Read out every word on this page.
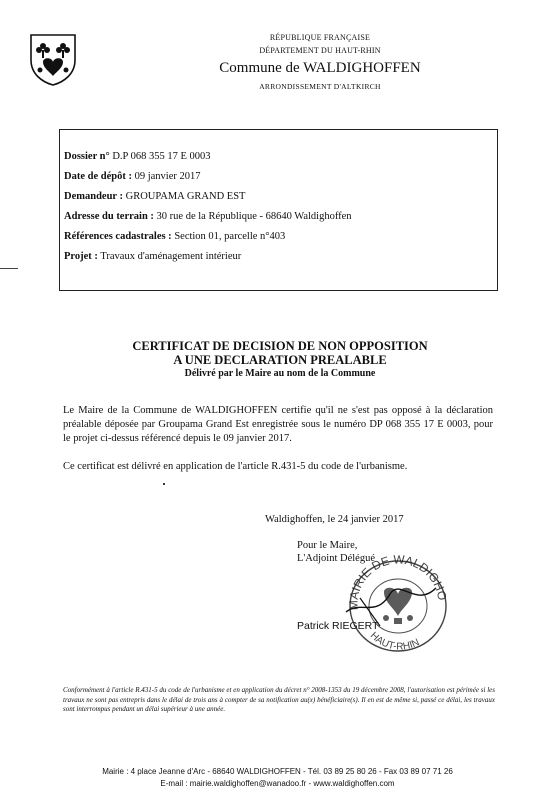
RÉPUBLIQUE FRANÇAISE
DÉPARTEMENT DU HAUT-RHIN
Commune de WALDIGHOFFEN
ARRONDISSEMENT D'ALTKIRCH
Dossier n° D.P 068 355 17 E 0003
Date de dépôt : 09 janvier 2017
Demandeur : GROUPAMA GRAND EST
Adresse du terrain : 30 rue de la République - 68640 Waldighoffen
Références cadastrales : Section 01, parcelle n°403
Projet : Travaux d'aménagement intérieur
CERTIFICAT DE DECISION DE NON OPPOSITION
A UNE DECLARATION PREALABLE
Délivré par le Maire au nom de la Commune
Le Maire de la Commune de WALDIGHOFFEN certifie qu'il ne s'est pas opposé à la déclaration préalable déposée par Groupama Grand Est enregistrée sous le numéro DP 068 355 17 E 0003, pour le projet ci-dessus référencé depuis le 09 janvier 2017.
Ce certificat est délivré en application de l'article R.431-5 du code de l'urbanisme.
Waldighoffen, le 24 janvier 2017
Pour le Maire,
L'Adjoint Délégué
Patrick RIEGERT
MAIRIE DE WALDIGHO
HAUT-RHIN
Conformément à l'article R.431-5 du code de l'urbanisme et en application du décret n° 2008-1353 du 19 décembre 2008, l'autorisation est périmée si les travaux ne sont pas entrepris dans le délai de trois ans à compter de sa notification au(x) bénéficiaire(s). Il en est de même si, passé ce délai, les travaux sont interrompus pendant un délai supérieur à une année.
Mairie : 4 place Jeanne d'Arc - 68640 WALDIGHOFFEN - Tél. 03 89 25 80 26 - Fax 03 89 07 71 26
E-mail : mairie.waldighoffen@wanadoo.fr - www.waldighoffen.com
